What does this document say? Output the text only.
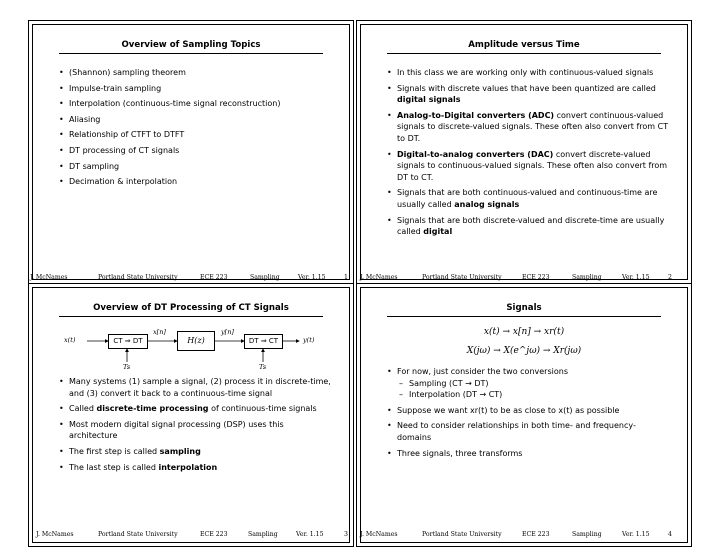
Overview of Sampling Topics
• (Shannon) sampling theorem
• Impulse-train sampling
• Interpolation (continuous-time signal reconstruction)
• Aliasing
• Relationship of CTFT to DTFT
• DT processing of CT signals
• DT sampling
• Decimation & interpolation
Amplitude versus Time
• In this class we are working only with continuous-valued signals
• Signals with discrete values that have been quantized are called digital signals
• Analog-to-Digital converters (ADC) convert continuous-valued signals to discrete-valued signals. These often also convert from CT to DT.
• Digital-to-analog converters (DAC) convert discrete-valued signals to continuous-valued signals. These often also convert from DT to CT.
• Signals that are both continuous-valued and continuous-time are usually called analog signals
• Signals that are both discrete-valued and discrete-time are usually called digital
Overview of DT Processing of CT Signals
x(t)	CT ⇒ DT
x[n]
H(z)
y[n]
DT ⇒ CT	y(t)
Ts	Ts
• Many systems (1) sample a signal, (2) process it in discrete-time, and (3) convert it back to a continuous-time signal
• Called discrete-time processing of continuous-time signals
• Most modern digital signal processing (DSP) uses this architecture
• The first step is called sampling
• The last step is called interpolation
Signals
x(t) → x[n] → xr(t)
X(jω) → X(e^jω) → Xr(jω)
• For now, just consider the two conversions
– Sampling (CT → DT)
– Interpolation (DT → CT)
• Suppose we want xr(t) to be as close to x(t) as possible
• Need to consider relationships in both time- and frequency-domains
• Three signals, three transforms
J. McNames	Portland State University	ECE 223	Sampling	Ver. 1.15	1 J. McNames	Portland State University	ECE 223	Sampling	Ver. 1.15	2
J. McNames	Portland State University	ECE 223	Sampling	Ver. 1.15	3 J. McNames	Portland State University	ECE 223	Sampling	Ver. 1.15	4
